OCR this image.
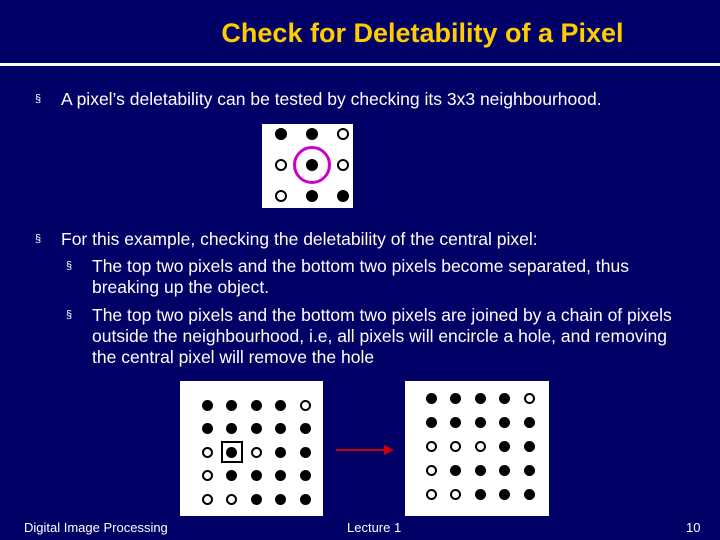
Check for Deletability of a Pixel
§ A pixel’s deletability can be tested by checking its 3x3 neighbourhood.
§ For this example, checking the deletability of the central pixel:
§ The top two pixels and the bottom two pixels become separated, thus breaking up the object.
§ The top two pixels and the bottom two pixels are joined by a chain of pixels outside the neighbourhood, i.e, all pixels will encircle a hole, and removing the central pixel will remove the hole
Digital Image Processing	Lecture 1	10
